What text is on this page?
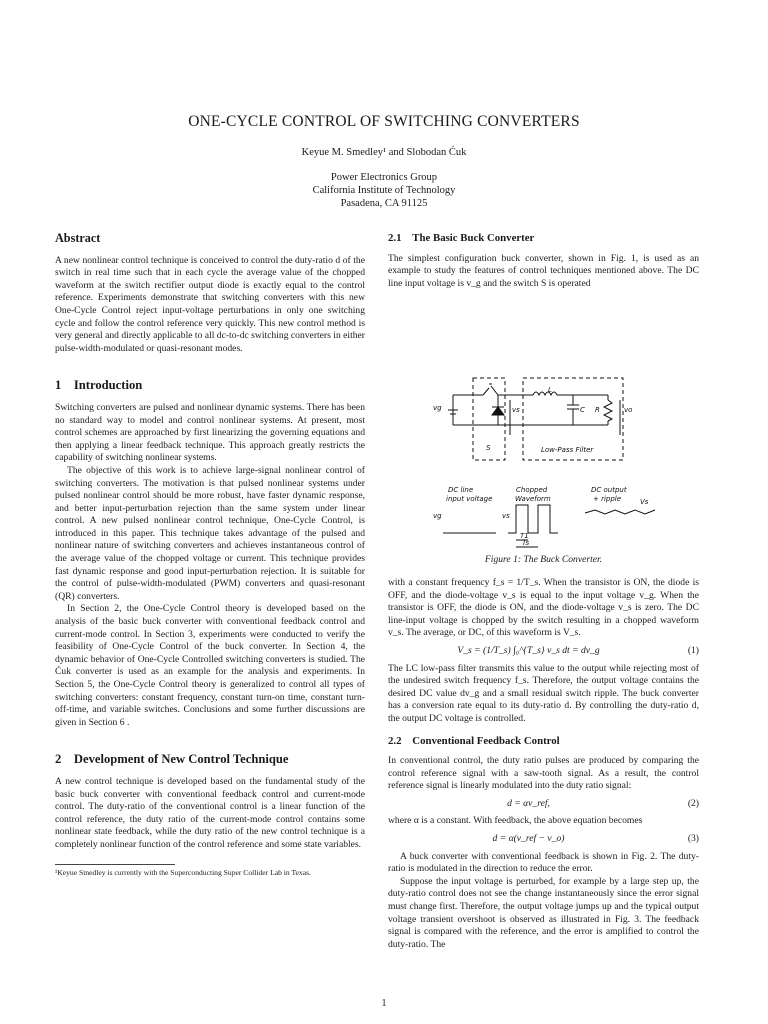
ONE-CYCLE CONTROL OF SWITCHING CONVERTERS
Keyue M. Smedley¹ and Slobodan Ćuk
Power Electronics Group
California Institute of Technology
Pasadena, CA 91125
Abstract
A new nonlinear control technique is conceived to control the duty-ratio d of the switch in real time such that in each cycle the average value of the chopped waveform at the switch rectifier output diode is exactly equal to the control reference. Experiments demonstrate that switching converters with this new One-Cycle Control reject input-voltage perturbations in only one switching cycle and follow the control reference very quickly. This new control method is very general and directly applicable to all dc-to-dc switching converters in either pulse-width-modulated or quasi-resonant modes.
1 Introduction
Switching converters are pulsed and nonlinear dynamic systems. There has been no standard way to model and control nonlinear systems. At present, most control schemes are approached by first linearizing the governing equations and then applying a linear feedback technique. This approach greatly restricts the capability of switching nonlinear systems.
The objective of this work is to achieve large-signal nonlinear control of switching converters. The motivation is that pulsed nonlinear systems under pulsed nonlinear control should be more robust, have faster dynamic response, and better input-perturbation rejection than the same system under linear control. A new pulsed nonlinear control technique, One-Cycle Control, is introduced in this paper. This technique takes advantage of the pulsed and nonlinear nature of switching converters and achieves instantaneous control of the average value of the chopped voltage or current. This technique provides fast dynamic response and good input-perturbation rejection. It is suitable for the control of pulse-width-modulated (PWM) converters and quasi-resonant (QR) converters.
In Section 2, the One-Cycle Control theory is developed based on the analysis of the basic buck converter with conventional feedback control and current-mode control. In Section 3, experiments were conducted to verify the feasibility of One-Cycle Control of the buck converter. In Section 4, the dynamic behavior of One-Cycle Controlled switching converters is studied. The Ćuk converter is used as an example for the analysis and experiments. In Section 5, the One-Cycle Control theory is generalized to control all types of switching converters: constant frequency, constant turn-on time, constant turn-off-time, and variable switches. Conclusions and some further discussions are given in Section 6 .
2 Development of New Control Technique
A new control technique is developed based on the fundamental study of the basic buck converter with conventional feedback control and current-mode control. The duty-ratio of the conventional control is a linear function of the control reference, the duty ratio of the current-mode control contains some nonlinear state feedback, while the duty ratio of the new control technique is a completely nonlinear function of the control reference and some state variables.
¹Keyue Smedley is currently with the Superconducting Super Collider Lab in Texas.
2.1 The Basic Buck Converter
The simplest configuration buck converter, shown in Fig. 1, is used as an example to study the features of control techniques mentioned above. The DC line input voltage is v_g and the switch S is operated
L
C R
S
vg	vs	vo
Low-Pass Filter
DC line
input voltage
vg
Chopped
Waveform
vs
DC output
+ ripple	Vs
T1
Ts
Figure 1: The Buck Converter.
with a constant frequency f_s = 1/T_s. When the transistor is ON, the diode is OFF, and the diode-voltage v_s is equal to the input voltage v_g. When the transistor is OFF, the diode is ON, and the diode-voltage v_s is zero. The DC line-input voltage is chopped by the switch resulting in a chopped waveform v_s. The average, or DC, of this waveform is V_s.
V_s = (1/T_s) ∫₀^{T_s} v_s dt = dv_g	(1)
The LC low-pass filter transmits this value to the output while rejecting most of the undesired switch frequency f_s. Therefore, the output voltage contains the desired DC value dv_g and a small residual switch ripple. The buck converter has a conversion rate equal to its duty-ratio d. By controlling the duty-ratio d, the output DC voltage is controlled.
2.2 Conventional Feedback Control
In conventional control, the duty ratio pulses are produced by comparing the control reference signal with a saw-tooth signal. As a result, the control reference signal is linearly modulated into the duty ratio signal:
d = αv_ref,	(2)
where α is a constant. With feedback, the above equation becomes
d = α(v_ref − v_o)	(3)
A buck converter with conventional feedback is shown in Fig. 2. The duty-ratio is modulated in the direction to reduce the error.
Suppose the input voltage is perturbed, for example by a large step up, the duty-ratio control does not see the change instantaneously since the error signal must change first. Therefore, the output voltage jumps up and the typical output voltage transient overshoot is observed as illustrated in Fig. 3. The feedback signal is compared with the reference, and the error is amplified to control the duty-ratio. The
1
